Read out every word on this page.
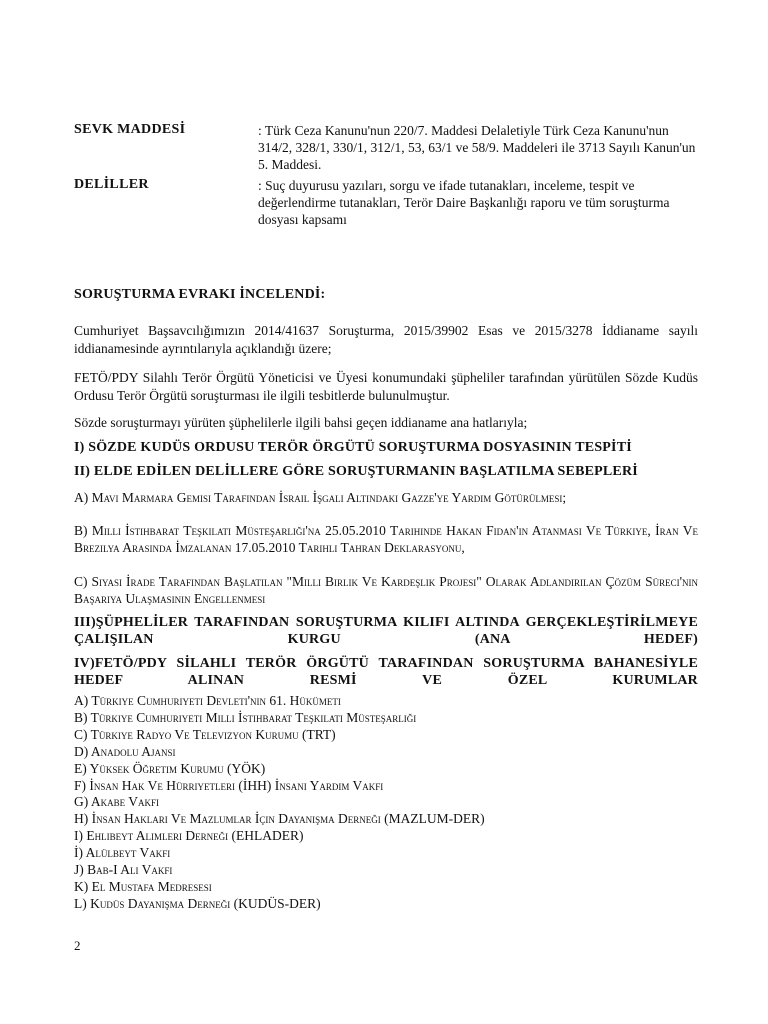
SEVK MADDESİ	: Türk Ceza Kanunu'nun 220/7. Maddesi Delaletiyle Türk Ceza Kanunu'nun 314/2, 328/1, 330/1, 312/1, 53, 63/1 ve 58/9. Maddeleri ile 3713 Sayılı Kanun'un 5. Maddesi.
DELİLLER	: Suç duyurusu yazıları, sorgu ve ifade tutanakları, inceleme, tespit ve değerlendirme tutanakları, Terör Daire Başkanlığı raporu ve tüm soruşturma dosyası kapsamı
SORUŞTURMA EVRAKI İNCELENDİ:
Cumhuriyet Başsavcılığımızın 2014/41637 Soruşturma, 2015/39902 Esas ve 2015/3278 İddianame sayılı iddianamesinde ayrıntılarıyla açıklandığı üzere;
FETÖ/PDY Silahlı Terör Örgütü Yöneticisi ve Üyesi konumundaki şüpheliler tarafından yürütülen Sözde Kudüs Ordusu Terör Örgütü soruşturması ile ilgili tesbitlerde bulunulmuştur.
Sözde soruşturmayı yürüten şüphelilerle ilgili bahsi geçen iddianame ana hatlarıyla;
I) SÖZDE KUDÜS ORDUSU TERÖR ÖRGÜTÜ SORUŞTURMA DOSYASININ TESPİTİ
II) ELDE EDİLEN DELİLLERE GÖRE SORUŞTURMANIN BAŞLATILMA SEBEPLERİ
A) Mavi Marmara Gemisi Tarafından İsrail İşgali Altındaki Gazze'ye Yardım Götürülmesi;
B) Milli İstihbarat Teşkilatı Müsteşarlığı'na 25.05.2010 Tarihinde Hakan Fidan'ın Atanması Ve Türkiye, İran Ve Brezilya Arasında İmzalanan 17.05.2010 Tarihli Tahran Deklarasyonu,
C) Siyasi İrade Tarafından Başlatılan "Milli Birlik Ve Kardeşlik Projesi" Olarak Adlandırılan Çözüm Süreci'nin Başarıya Ulaşmasının Engellenmesi
III)ŞÜPHELİLER TARAFINDAN SORUŞTURMA KILIFI ALTINDA GERÇEKLEŞTİRİLMEYE ÇALIŞILAN KURGU (ANA HEDEF)
IV)FETÖ/PDY SİLAHLI TERÖR ÖRGÜTÜ TARAFINDAN SORUŞTURMA BAHANESİYLE HEDEF ALINAN RESMİ VE ÖZEL KURUMLAR
A) Türkiye Cumhuriyeti Devleti'nin 61. Hükümeti
B) Türkiye Cumhuriyeti Milli İstihbarat Teşkilatı Müsteşarlığı
C) Türkiye Radyo Ve Televizyon Kurumu (TRT)
D) Anadolu Ajansı
E) Yüksek Öğretim Kurumu (YÖK)
F) İnsan Hak Ve Hürriyetleri (İHH) İnsani Yardım Vakfı
G) Akabe Vakfı
H) İnsan Hakları Ve Mazlumlar İçin Dayanışma Derneği (MAZLUM-DER)
I) Ehlibeyt Alimleri Derneği (EHLADER)
İ) Alülbeyt Vakfı
J) Bab-I Ali Vakfı
K) El Mustafa Medresesi
L) Kudüs Dayanışma Derneği (KUDÜS-DER)
2
